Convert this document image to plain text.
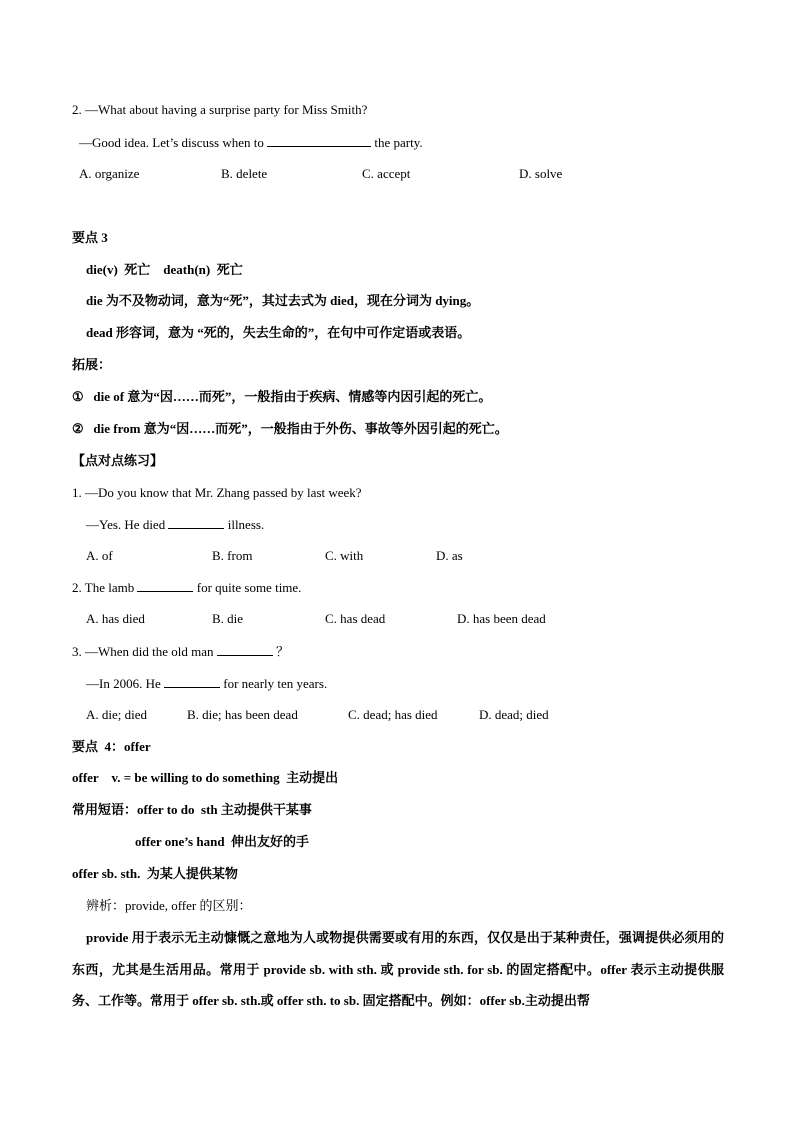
2. —What about having a surprise party for Miss Smith?
—Good idea. Let’s discuss when to	the party.
A. organize	B. delete	C. accept	D. solve
要点 3
die(v)  死亡    death(n)  死亡
die 为不及物动词，意为“死”，其过去式为 died，现在分词为 dying。
dead 形容词，意为 “死的，失去生命的”，在句中可作定语或表语。
拓展：
①   die of 意为“因……而死”，一般指由于疾病、情感等内因引起的死亡。
②   die from 意为“因……而死”，一般指由于外伤、事故等外因引起的死亡。
【点对点练习】
1. —Do you know that Mr. Zhang passed by last week?
—Yes. He died	illness.
A. of	B. from	C. with	D. as
2. The lamb	for quite some time.
A. has died	B. die	C. has dead	D. has been dead
3. —When did the old man	？
—In 2006. He	for nearly ten years.
A. die; died	B. die; has been dead	C. dead; has died	D. dead; died
要点  4：offer
offer    v. = be willing to do something  主动提出
常用短语：offer to do  sth 主动提供干某事
offer one’s hand  伸出友好的手
offer sb. sth.  为某人提供某物
辨析：provide, offer 的区别：
provide 用于表示无主动慷慨之意地为人或物提供需要或有用的东西，仅仅是出于某种责任，强调提供必须用的东西，尤其是生活用品。常用于 provide sb. with sth. 或 provide sth. for sb. 的固定搭配中。offer 表示主动提供服务、工作等。常用于 offer sb. sth.或 offer sth. to sb. 固定搭配中。例如：offer sb.主动提出帮
